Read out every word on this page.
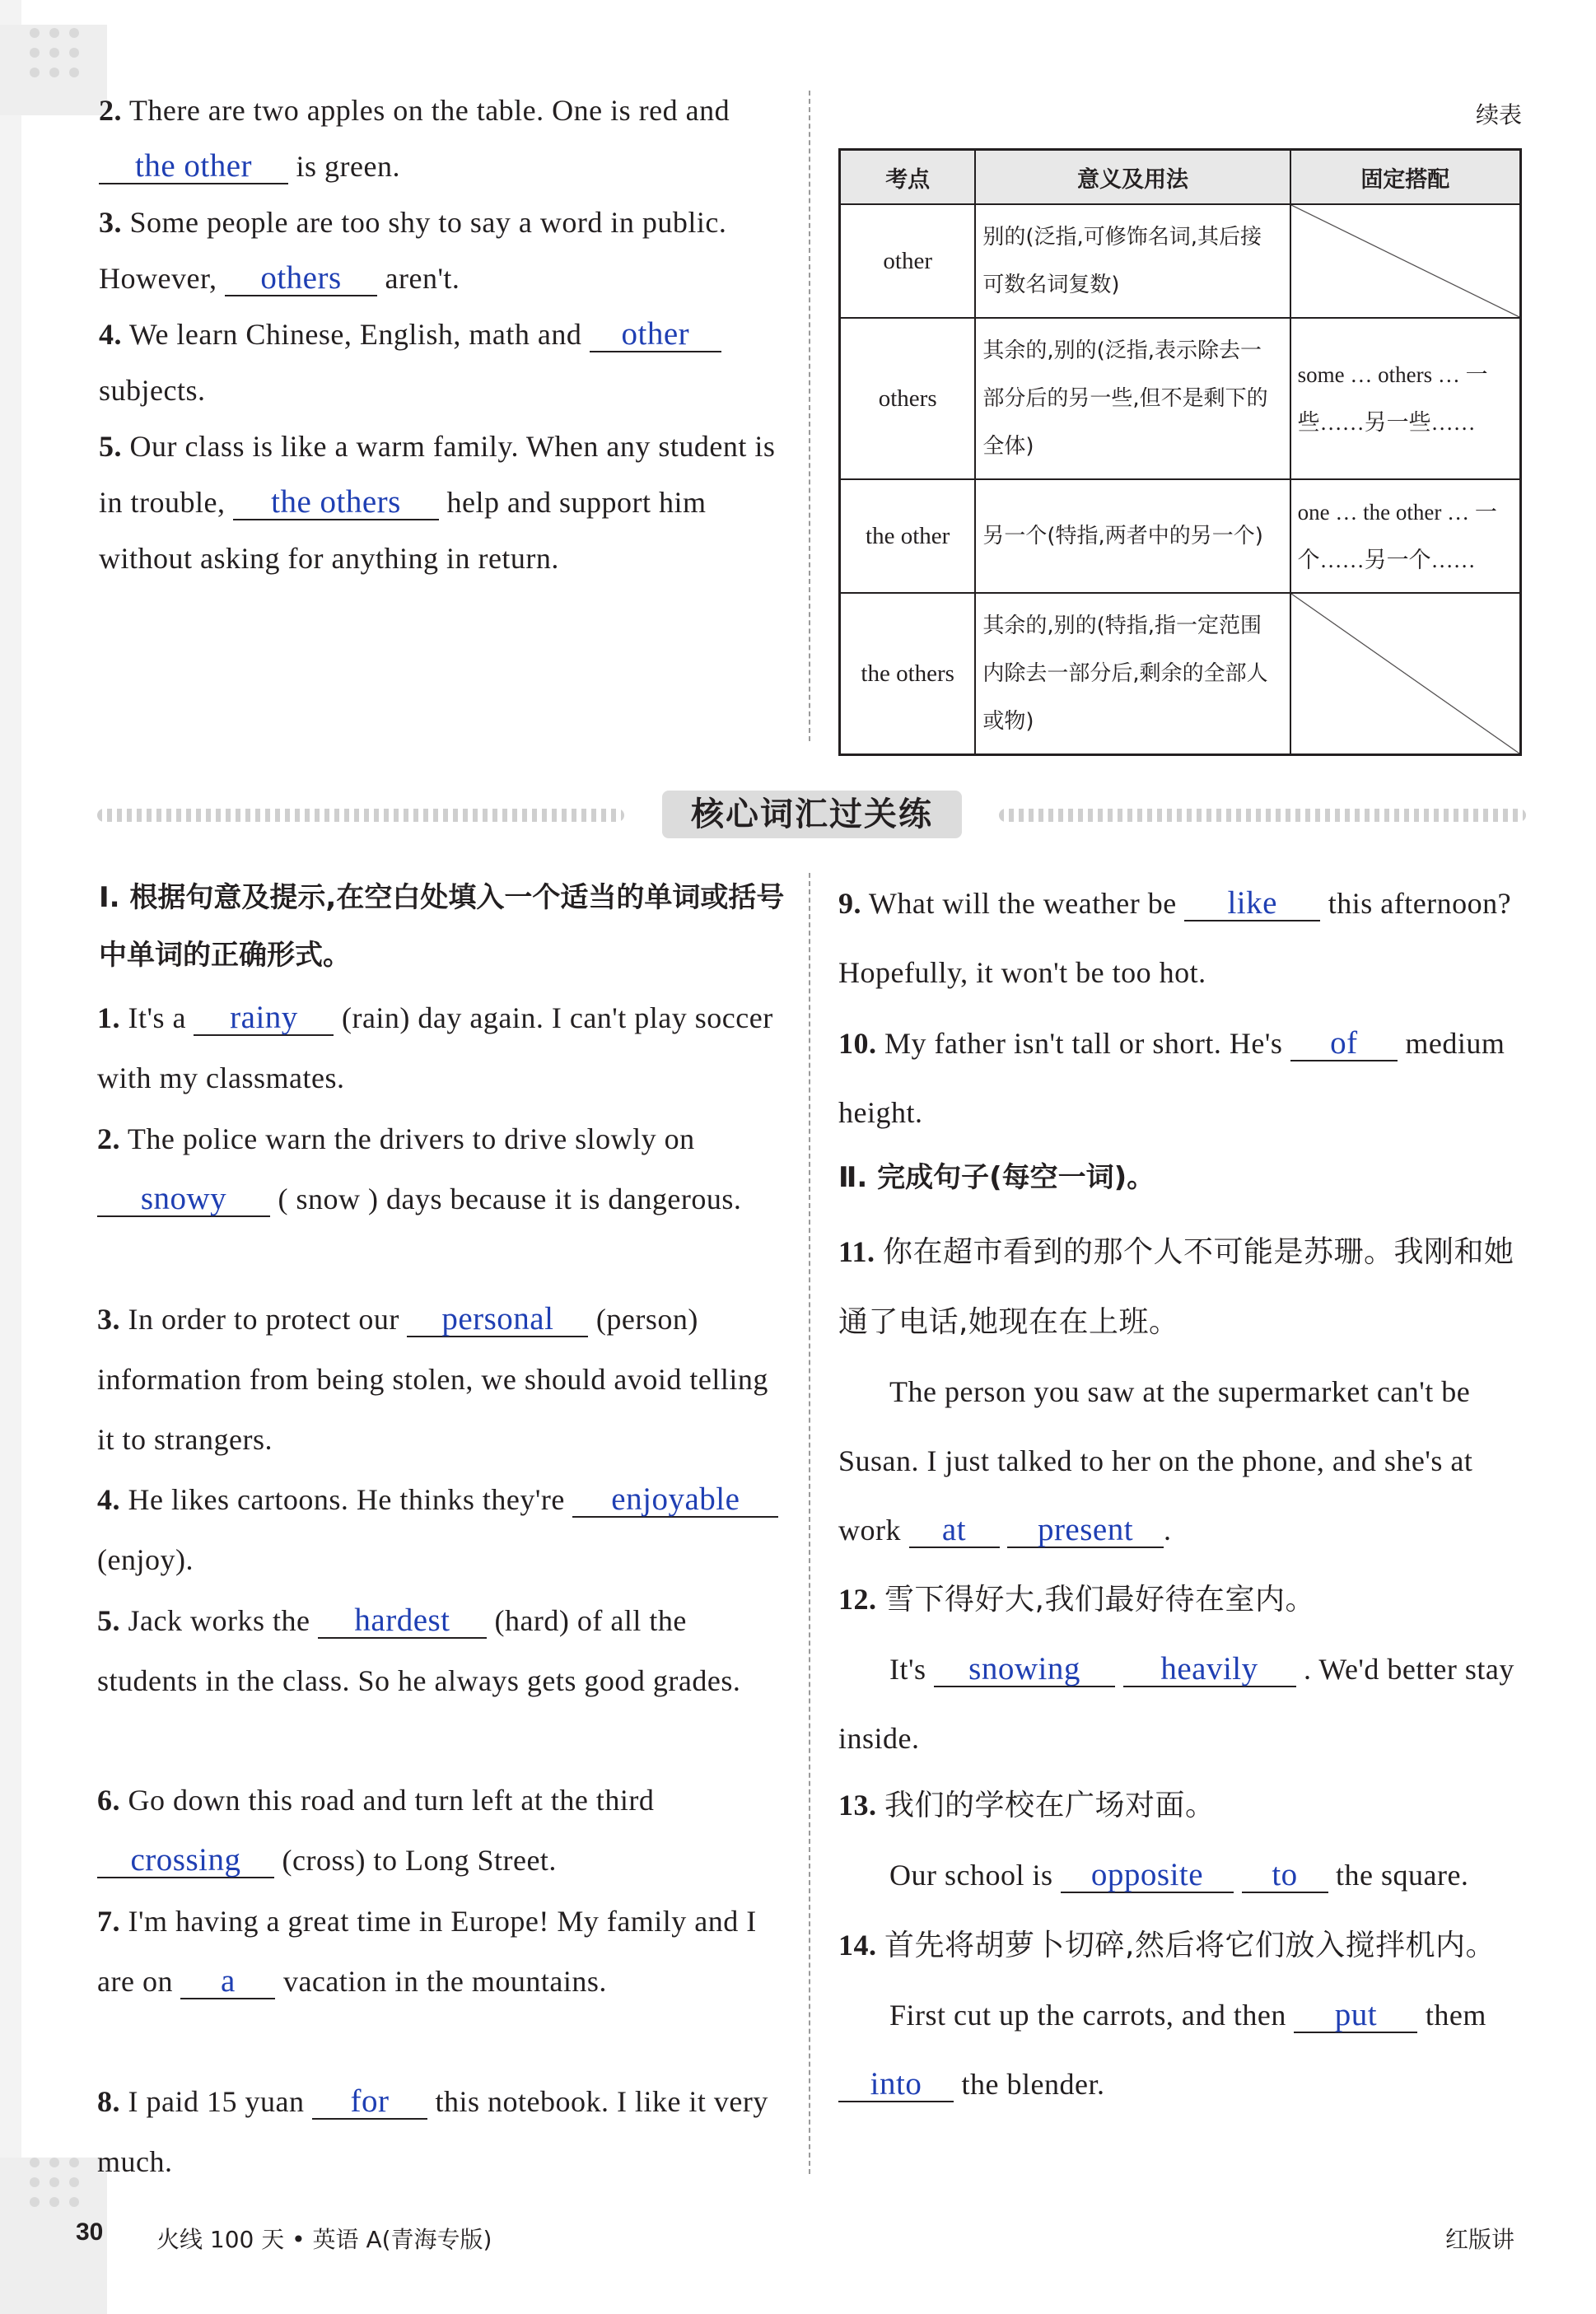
2. There are two apples on the table. One is red and the other is green.
3. Some people are too shy to say a word in public. However, others aren't.
4. We learn Chinese, English, math and other subjects.
5. Our class is like a warm family. When any student is in trouble, the others help and support him without asking for anything in return.
续表
考点	意义及用法	固定搭配
other	别的(泛指,可修饰名词,其后接可数名词复数)	
others	其余的,别的(泛指,表示除去一部分后的另一些,但不是剩下的全体)	some … others … 一些……另一些……
the other	另一个(特指,两者中的另一个)	one … the other … 一个……另一个……
the others	其余的,别的(特指,指一定范围内除去一部分后,剩余的全部人或物)	
核心词汇过关练
Ⅰ. 根据句意及提示,在空白处填入一个适当的单词或括号中单词的正确形式。
1. It's a rainy (rain) day again. I can't play soccer with my classmates.
2. The police warn the drivers to drive slowly on snowy ( snow ) days because it is dangerous.
3. In order to protect our personal (person) information from being stolen, we should avoid telling it to strangers.
4. He likes cartoons. He thinks they're enjoyable (enjoy).
5. Jack works the hardest (hard) of all the students in the class. So he always gets good grades.
6. Go down this road and turn left at the third crossing (cross) to Long Street.
7. I'm having a great time in Europe! My family and I are on a vacation in the mountains.
8. I paid 15 yuan for this notebook. I like it very much.
9. What will the weather be like this afternoon? Hopefully, it won't be too hot.
10. My father isn't tall or short. He's of medium height.
Ⅱ. 完成句子(每空一词)。
11. 你在超市看到的那个人不可能是苏珊。我刚和她通了电话,她现在在上班。
The person you saw at the supermarket can't be Susan. I just talked to her on the phone, and she's at work at present .
12. 雪下得好大,我们最好待在室内。
It's snowing	heavily . We'd better stay inside.
13. 我们的学校在广场对面。
Our school is opposite to the square.
14. 首先将胡萝卜切碎,然后将它们放入搅拌机内。
First cut up the carrots, and then put them into the blender.
30 火线 100 天 • 英语 A(青海专版)	红版讲
